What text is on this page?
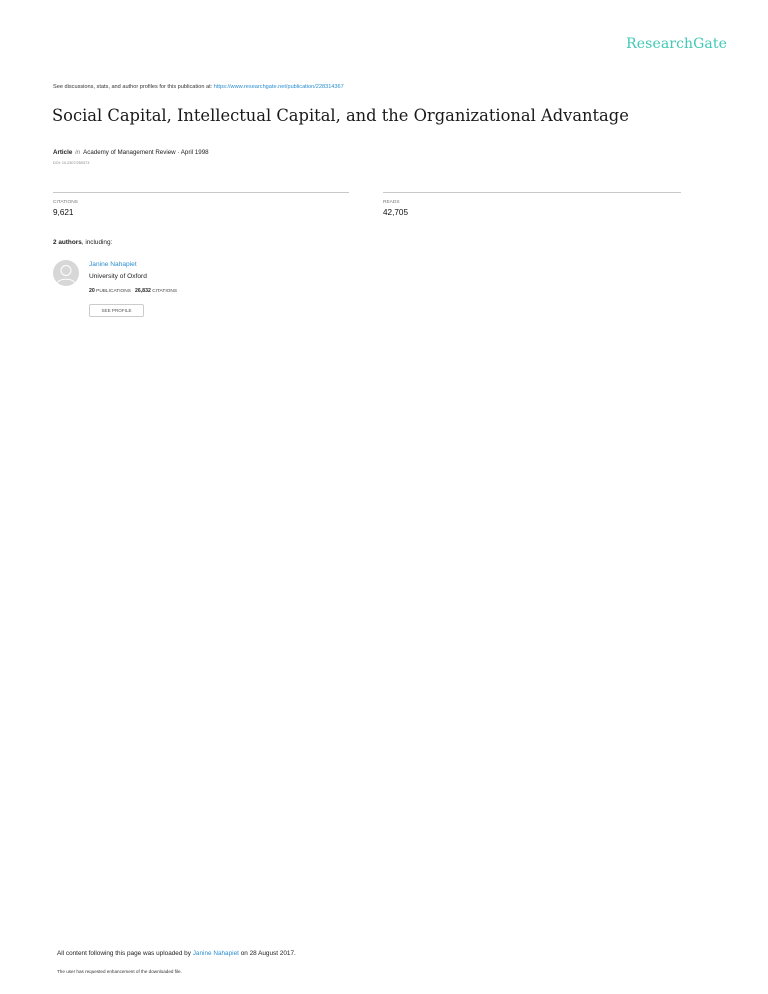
ResearchGate
See discussions, stats, and author profiles for this publication at: https://www.researchgate.net/publication/228314367
Social Capital, Intellectual Capital, and the Organizational Advantage
Article in Academy of Management Review · April 1998
DOI: 10.2307/259373
CITATIONS
9,621
READS
42,705
2 authors, including:
Janine Nahapiet
University of Oxford
20 PUBLICATIONS 26,832 CITATIONS
SEE PROFILE
All content following this page was uploaded by Janine Nahapiet on 28 August 2017.
The user has requested enhancement of the downloaded file.
